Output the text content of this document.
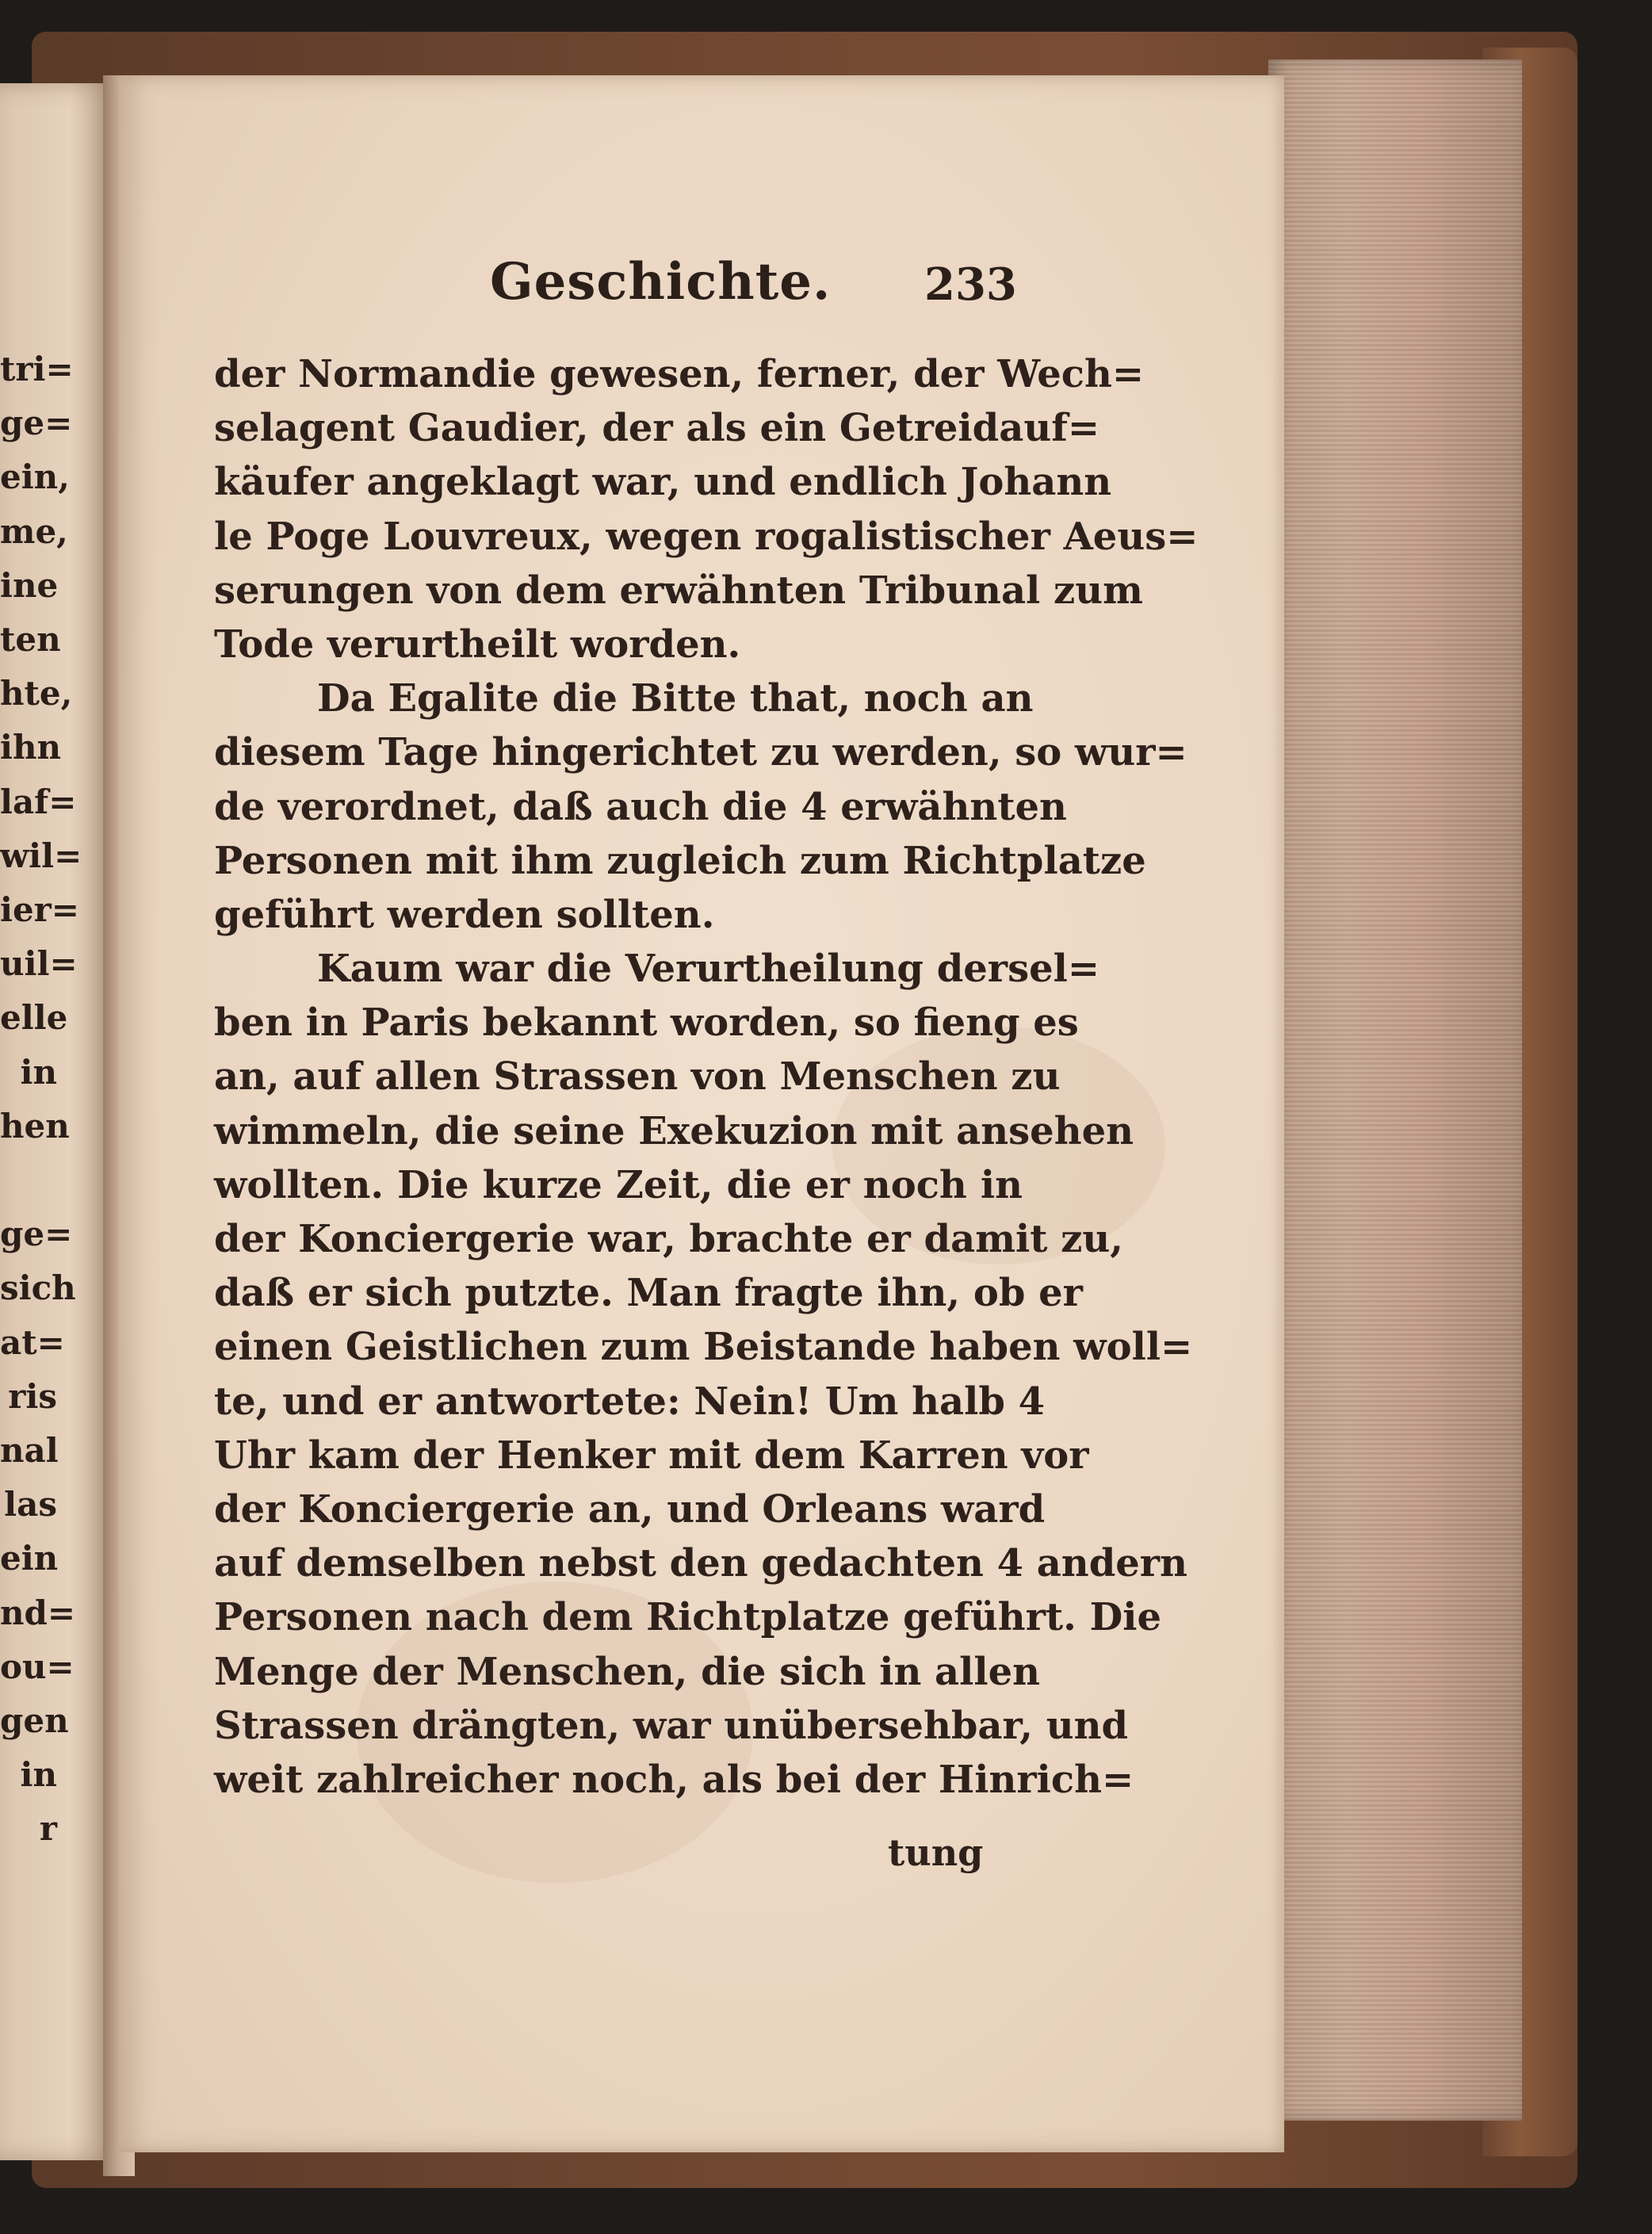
tri=
ge=
ein,
me,
ine
ten
hte,
ihn
laf=
wil=
ier=
uil=
elle
in
hen
ge=
sich
at=
ris
nal
las
ein
nd=
ou=
gen
in
r
Geschichte. 233
der Normandie gewesen, ferner, der Wech=
selagent Gaudier, der als ein Getreidauf=
käufer angeklagt war, und endlich Johann
le Poge Louvreux, wegen rogalistischer Aeus=
serungen von dem erwähnten Tribunal zum
Tode verurtheilt worden.
Da Egalite die Bitte that, noch an
diesem Tage hingerichtet zu werden, so wur=
de verordnet, daß auch die 4 erwähnten
Personen mit ihm zugleich zum Richtplatze
geführt werden sollten.
Kaum war die Verurtheilung dersel=
ben in Paris bekannt worden, so fieng es
an, auf allen Strassen von Menschen zu
wimmeln, die seine Exekuzion mit ansehen
wollten. Die kurze Zeit, die er noch in
der Konciergerie war, brachte er damit zu,
daß er sich putzte. Man fragte ihn, ob er
einen Geistlichen zum Beistande haben woll=
te, und er antwortete: Nein! Um halb 4
Uhr kam der Henker mit dem Karren vor
der Konciergerie an, und Orleans ward
auf demselben nebst den gedachten 4 andern
Personen nach dem Richtplatze geführt. Die
Menge der Menschen, die sich in allen
Strassen drängten, war unübersehbar, und
weit zahlreicher noch, als bei der Hinrich=
tung
